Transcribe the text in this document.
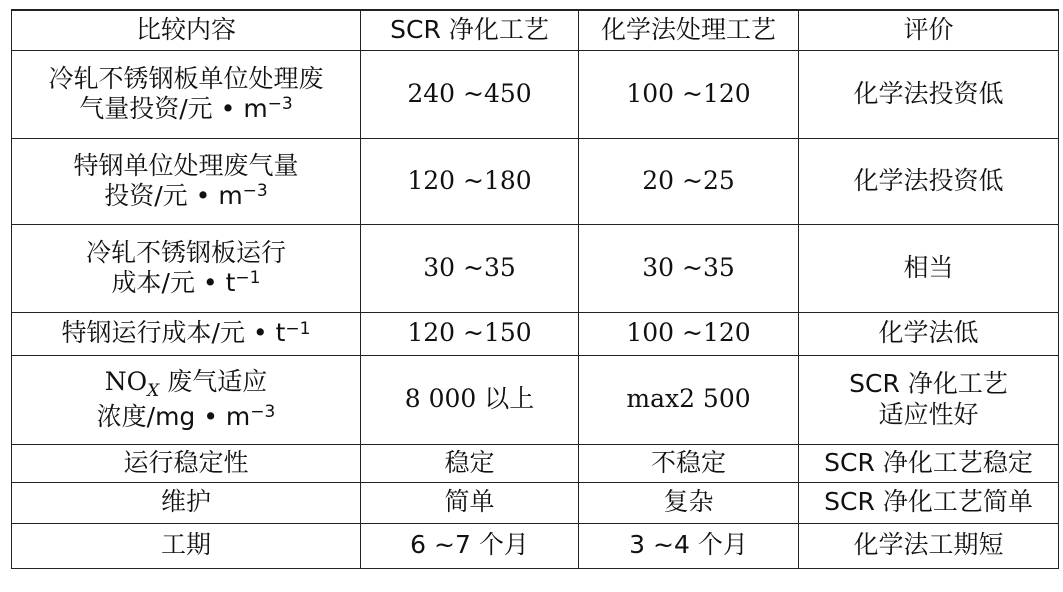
比较内容	SCR 净化工艺	化学法处理工艺	评价

冷轧不锈钢板单位处理废
气量投资/元 • $m^{-3}$	240 ~450	100 ~120	化学法投资低

特钢单位处理废气量
投资/元 • $m^{-3}$	120 ~180	20 ~25	化学法投资低

冷轧不锈钢板运行
成本/元 • $t^{-1}$	30 ~35	30 ~35	相当

特钢运行成本/元 • $t^{-1}$	120 ~150	100 ~120	化学法低

$NO_X$ 废气适应
浓度/mg • $m^{-3}$	8 000 以上	max2 500	SCR 净化工艺
适应性好

运行稳定性	稳定	不稳定	SCR 净化工艺稳定

维护	简单	复杂	SCR 净化工艺简单

工期	6 ~7 个月	3 ~4 个月	化学法工期短
